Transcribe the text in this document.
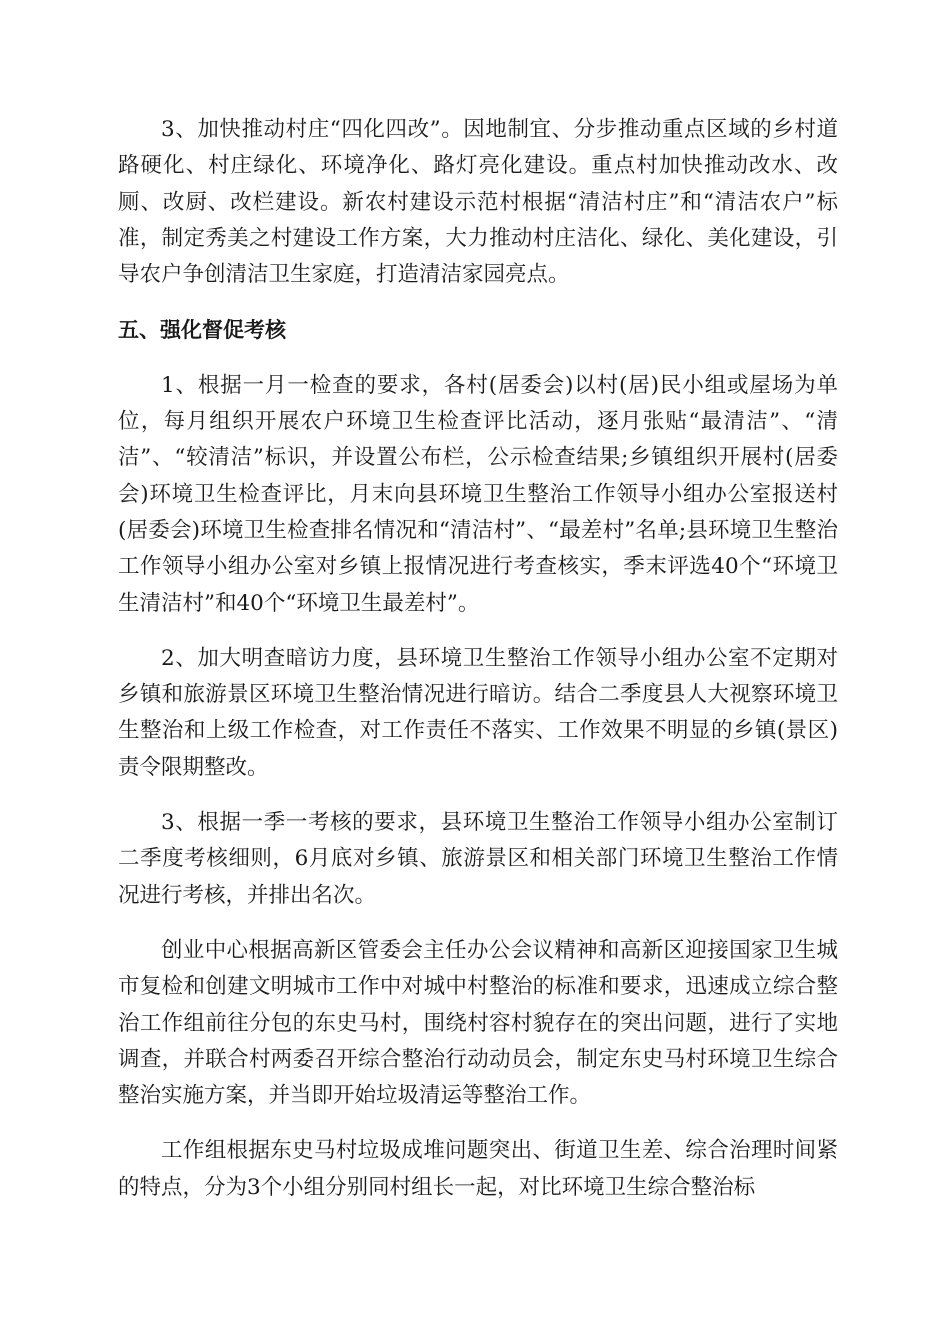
3、加快推动村庄“四化四改”。因地制宜、分步推动重点区域的乡村道路硬化、村庄绿化、环境净化、路灯亮化建设。重点村加快推动改水、改厕、改厨、改栏建设。新农村建设示范村根据“清洁村庄”和“清洁农户”标准，制定秀美之村建设工作方案，大力推动村庄洁化、绿化、美化建设，引导农户争创清洁卫生家庭，打造清洁家园亮点。

五、强化督促考核

1、根据一月一检查的要求，各村(居委会)以村(居)民小组或屋场为单位，每月组织开展农户环境卫生检查评比活动，逐月张贴“最清洁”、“清洁”、“较清洁”标识，并设置公布栏，公示检查结果;乡镇组织开展村(居委会)环境卫生检查评比，月末向县环境卫生整治工作领导小组办公室报送村(居委会)环境卫生检查排名情况和“清洁村”、“最差村”名单;县环境卫生整治工作领导小组办公室对乡镇上报情况进行考查核实，季末评选40个“环境卫生清洁村”和40个“环境卫生最差村”。

2、加大明查暗访力度，县环境卫生整治工作领导小组办公室不定期对乡镇和旅游景区环境卫生整治情况进行暗访。结合二季度县人大视察环境卫生整治和上级工作检查，对工作责任不落实、工作效果不明显的乡镇(景区)责令限期整改。

3、根据一季一考核的要求，县环境卫生整治工作领导小组办公室制订二季度考核细则，6月底对乡镇、旅游景区和相关部门环境卫生整治工作情况进行考核，并排出名次。

创业中心根据高新区管委会主任办公会议精神和高新区迎接国家卫生城市复检和创建文明城市工作中对城中村整治的标准和要求，迅速成立综合整治工作组前往分包的东史马村，围绕村容村貌存在的突出问题，进行了实地调查，并联合村两委召开综合整治行动动员会，制定东史马村环境卫生综合整治实施方案，并当即开始垃圾清运等整治工作。

工作组根据东史马村垃圾成堆问题突出、街道卫生差、综合治理时间紧的特点，分为3个小组分别同村组长一起，对比环境卫生综合整治标
